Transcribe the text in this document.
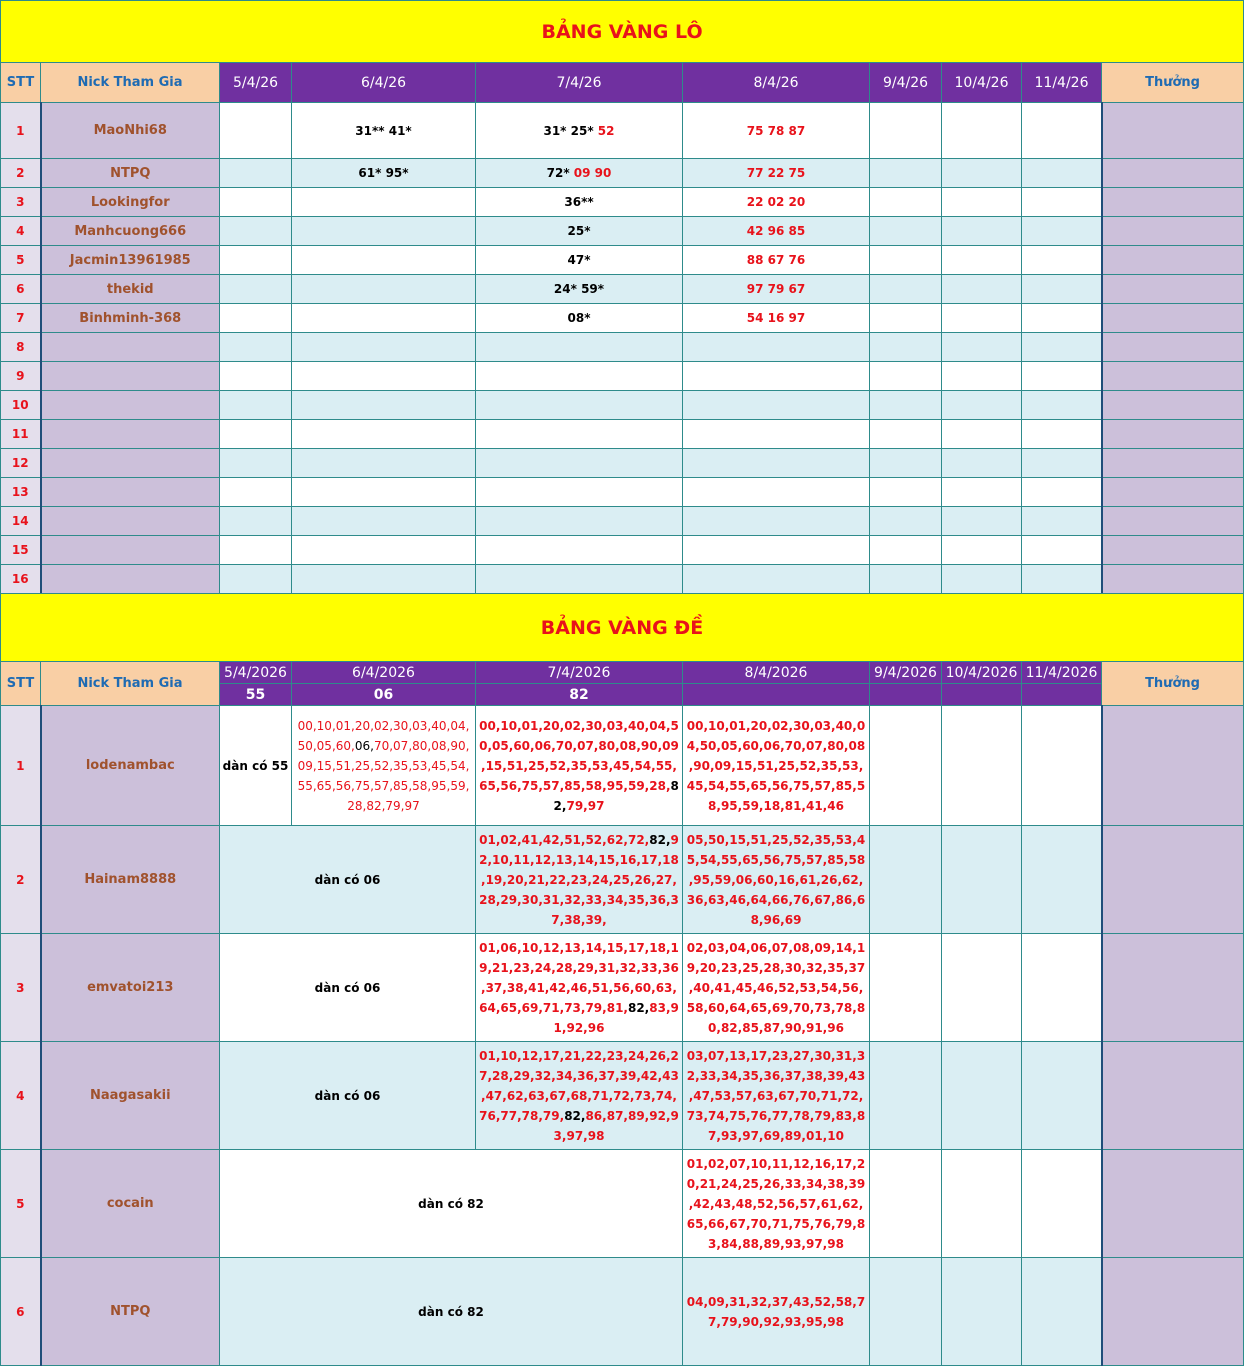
BẢNG VÀNG LÔ									
STT	Nick Tham Gia	5/4/26	6/4/26	7/4/26	8/4/26	9/4/26	10/4/26	11/4/26	Thưởng
1	MaoNhi68		31** 41*	31* 25* 52	75 78 87				
2	NTPQ		61* 95*	72* 09 90	77 22 75				
3	Lookingfor			36**	22 02 20				
4	Manhcuong666			25*	42 96 85				
5	Jacmin13961985			47*	88 67 76				
6	thekid			24* 59*	97 79 67				
7	Binhminh-368			08*	54 16 97				
8									
9									
10									
11									
12									
13									
14									
15									
16									
BẢNG VÀNG ĐỀ									
STT	Nick Tham Gia	5/4/2026	6/4/2026	7/4/2026	8/4/2026	9/4/2026	10/4/2026	11/4/2026	Thưởng
		55	06	82					
1	lodenambac	dàn có 55	00,10,01,20,02,30,03,40,04,50,05,60,06,70,07,80,08,90,09,15,51,25,52,35,53,45,54,55,65,56,75,57,85,58,95,59,28,82,79,97	00,10,01,20,02,30,03,40,04,50,05,60,06,70,07,80,08,90,09,15,51,25,52,35,53,45,54,55,65,56,75,57,85,58,95,59,28,82,79,97	00,10,01,20,02,30,03,40,04,50,05,60,06,70,07,80,08,90,09,15,51,25,52,35,53,45,54,55,65,56,75,57,85,58,95,59,18,81,41,46				

2	Hainam8888	dàn có 06		01,02,41,42,51,52,62,72,82,92,10,11,12,13,14,15,16,17,18,19,20,21,22,23,24,25,26,27,28,29,30,31,32,33,34,35,36,37,38,39,	05,50,15,51,25,52,35,53,45,54,55,65,56,75,57,85,58,95,59,06,60,16,61,26,62,36,63,46,64,66,76,67,86,68,96,69				

3	emvatoi213	dàn có 06		01,06,10,12,13,14,15,17,18,19,21,23,24,28,29,31,32,33,36,37,38,41,42,46,51,56,60,63,64,65,69,71,73,79,81,82,83,91,92,96	02,03,04,06,07,08,09,14,19,20,23,25,28,30,32,35,37,40,41,45,46,52,53,54,56,58,60,64,65,69,70,73,78,80,82,85,87,90,91,96				

4	Naagasakii	dàn có 06		01,10,12,17,21,22,23,24,26,27,28,29,32,34,36,37,39,42,43,47,62,63,67,68,71,72,73,74,76,77,78,79,82,86,87,89,92,93,97,98	03,07,13,17,23,27,30,31,32,33,34,35,36,37,38,39,43,47,53,57,63,67,70,71,72,73,74,75,76,77,78,79,83,87,93,97,69,89,01,10				

5	cocain	dàn có 82			01,02,07,10,11,12,16,17,20,21,24,25,26,33,34,38,39,42,43,48,52,56,57,61,62,65,66,67,70,71,75,76,79,83,84,88,89,93,97,98				

6	NTPQ	dàn có 82			04,09,31,32,37,43,52,58,77,79,90,92,93,95,98				
